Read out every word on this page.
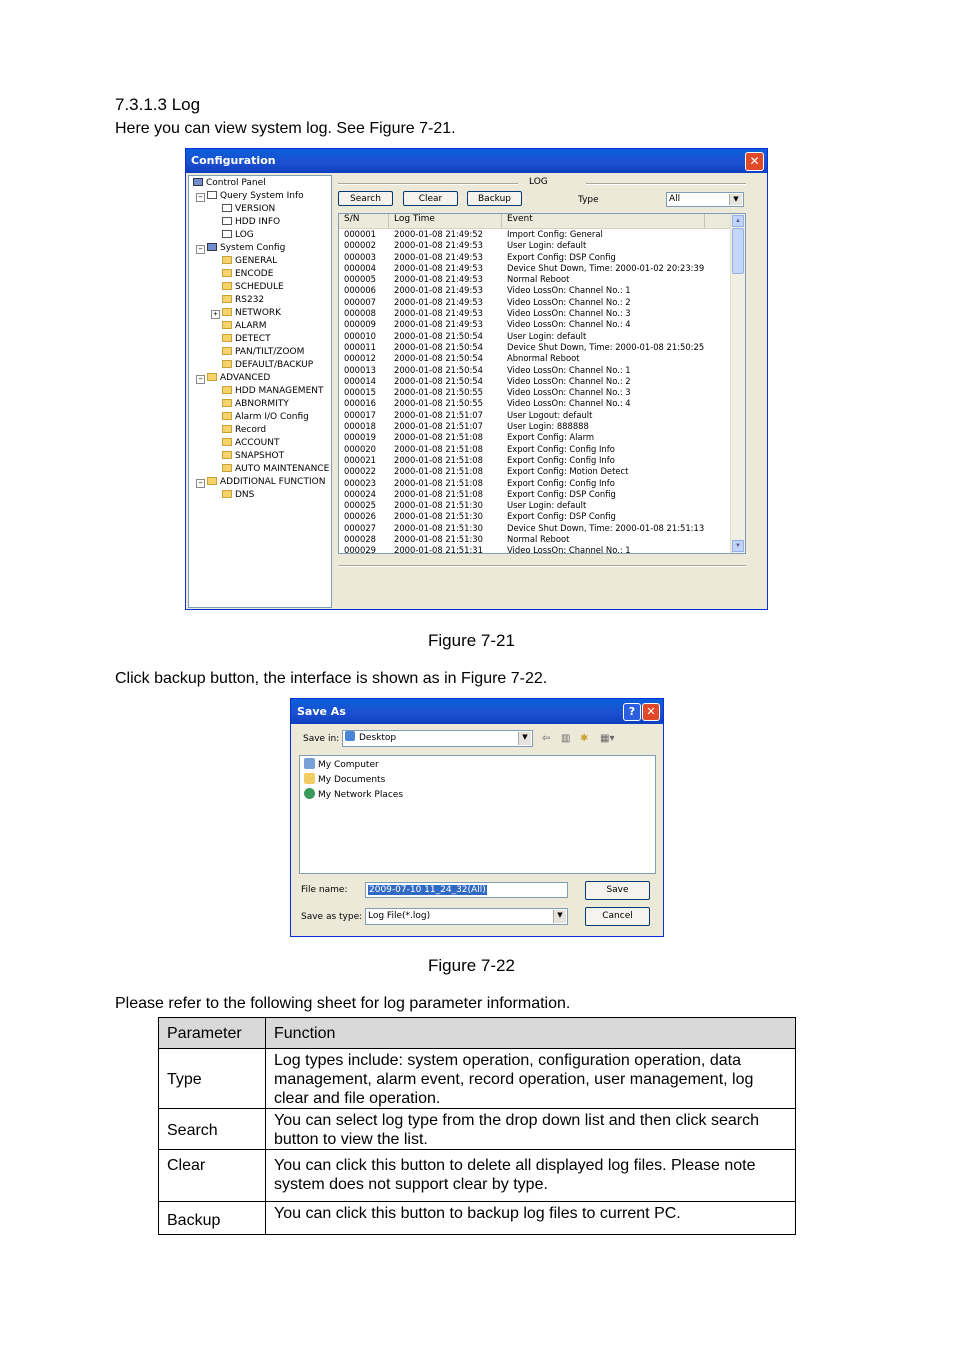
7.3.1.3 Log
Here you can view system log. See Figure 7-21.
Configuration	✕
Control Panel
−	Query System Info
VERSION
HDD INFO
LOG
−	System Config
GENERAL
ENCODE
SCHEDULE
RS232
+	NETWORK
ALARM
DETECT
PAN/TILT/ZOOM
DEFAULT/BACKUP
−	ADVANCED
HDD MANAGEMENT
ABNORMITY
Alarm I/O Config
Record
ACCOUNT
SNAPSHOT
AUTO MAINTENANCE
−	ADDITIONAL FUNCTION
DNS
LOG
Search	Clear	Backup	Type	All	▼
S/N	Log Time	Event
000001 2000-01-08 21:49:52	Import Config: General
000002 2000-01-08 21:49:53	User Login: default
000003 2000-01-08 21:49:53	Export Config: DSP Config
000004 2000-01-08 21:49:53	Device Shut Down, Time: 2000-01-02 20:23:39
000005 2000-01-08 21:49:53	Normal Reboot
000006 2000-01-08 21:49:53	Video LossOn: Channel No.: 1
000007 2000-01-08 21:49:53	Video LossOn: Channel No.: 2
000008 2000-01-08 21:49:53	Video LossOn: Channel No.: 3
000009 2000-01-08 21:49:53	Video LossOn: Channel No.: 4
000010 2000-01-08 21:50:54	User Login: default
000011 2000-01-08 21:50:54	Device Shut Down, Time: 2000-01-08 21:50:25
000012 2000-01-08 21:50:54	Abnormal Reboot
000013 2000-01-08 21:50:54	Video LossOn: Channel No.: 1
000014 2000-01-08 21:50:54	Video LossOn: Channel No.: 2
000015 2000-01-08 21:50:55	Video LossOn: Channel No.: 3
000016 2000-01-08 21:50:55	Video LossOn: Channel No.: 4
000017 2000-01-08 21:51:07	User Logout: default
000018 2000-01-08 21:51:07	User Login: 888888
000019 2000-01-08 21:51:08	Export Config: Alarm
000020 2000-01-08 21:51:08	Export Config: Config Info
000021 2000-01-08 21:51:08	Export Config: Config Info
000022 2000-01-08 21:51:08	Export Config: Motion Detect
000023 2000-01-08 21:51:08	Export Config: Config Info
000024 2000-01-08 21:51:08	Export Config: DSP Config
000025 2000-01-08 21:51:30	User Login: default
000026 2000-01-08 21:51:30	Export Config: DSP Config
000027 2000-01-08 21:51:30	Device Shut Down, Time: 2000-01-08 21:51:13
000028 2000-01-08 21:51:30	Normal Reboot
000029 2000-01-08 21:51:31	Video LossOn: Channel No.: 1
▲
▼
Figure 7-21
Click backup button, the interface is shown as in Figure 7-22.
Save As	?	✕
Save in:	Desktop	▼	⇦ ▥ ✱ ▦▾
My Computer
My Documents
My Network Places
File name:	2009-07-10 11_24_32(All)	Save
Save as type: Log File(*.log)	▼	Cancel
Figure 7-22
Please refer to the following sheet for log parameter information.
Parameter	Function
Type	Log types include: system operation, configuration operation, data management, alarm event, record operation, user management, log clear and file operation.
Search	You can select log type from the drop down list and then click search button to view the list.
Clear	You can click this button to delete all displayed log files. Please note system does not support clear by type.
Backup	You can click this button to backup log files to current PC.
